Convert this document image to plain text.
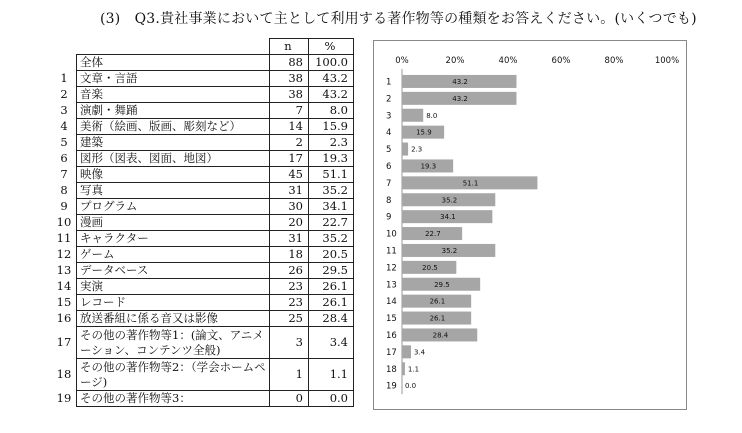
(3)　Q3.貴社事業において主として利用する著作物等の種類をお答えください。(いくつでも)
		n	%
	全体	88	100.0
1	文章・言語	38	43.2
2	音楽	38	43.2
3	演劇・舞踊	7	8.0
4	美術（絵画、版画、彫刻など）	14	15.9
5	建築	2	2.3
6	図形（図表、図面、地図）	17	19.3
7	映像	45	51.1
8	写真	31	35.2
9	プログラム	30	34.1
10	漫画	20	22.7
11	キャラクター	31	35.2
12	ゲーム	18	20.5
13	データベース	26	29.5
14	実演	23	26.1
15	レコード	23	26.1
16	放送番組に係る音又は影像	25	28.4
17	その他の著作物等1：(論文、アニメーション、コンテンツ全般)	3	3.4
18	その他の著作物等2：（学会ホームページ)	1	1.1
19	その他の著作物等3：	0	0.0
0%	20%	40%	60%	80%	100%
1	43.2
2	43.2
3	8.0
4	15.9
5	2.3
6	19.3
7	51.1
8	35.2
9	34.1
10	22.7
11	35.2
12	20.5
13	29.5
14	26.1
15	26.1
16	28.4
17 3.4
18 1.1
19 0.0
